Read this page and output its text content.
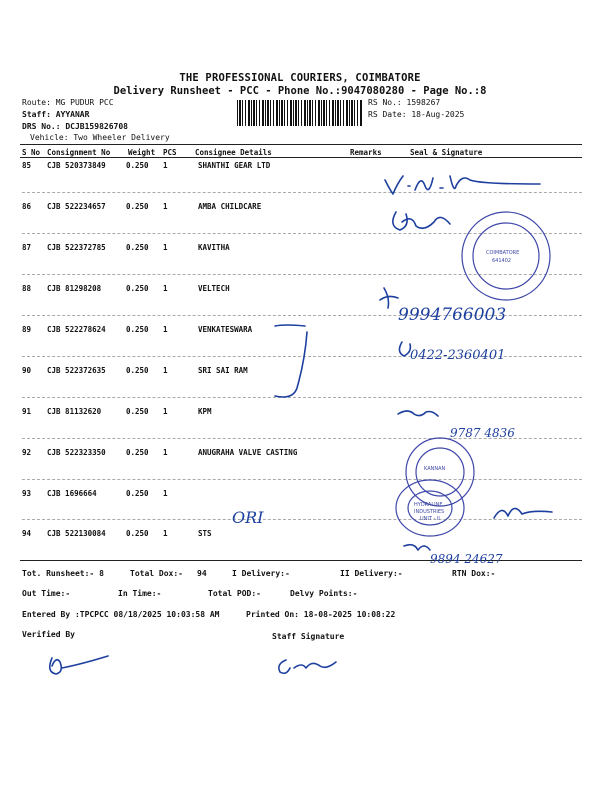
THE PROFESSIONAL COURIERS, COIMBATORE
Delivery Runsheet - PCC - Phone No.:9047080280 - Page No.:8
Route: MG PUDUR PCC
Staff: AYYANAR
DRS No.: DCJB159826708
Vehicle: Two Wheeler Delivery
RS No.: 1598267
RS Date: 18-Aug-2025
S No Consignment No Weight PCS Consignee Details	Remarks	Seal & Signature
85 CJB 520373849	0.250 1	SHANTHI GEAR LTD
86 CJB 522234657	0.250 1	AMBA CHILDCARE
87 CJB 522372785	0.250 1	KAVITHA
88 CJB 81298208	0.250 1	VELTECH
89 CJB 522278624	0.250 1	VENKATESWARA
90 CJB 522372635	0.250 1	SRI SAI RAM
91 CJB 81132620	0.250 1	KPM
92 CJB 522323350	0.250 1	ANUGRAHA VALVE CASTING
93 CJB 1696664	0.250 1
94 CJB 522130084	0.250 1	STS
COIMBATORE
641402
KANNAN
HYDRALINE
INDUSTRIES
UNIT - II
9994766003
0422-2360401
9787 4836
ORI
9894 24627
Tot. Runsheet:- 8	Total Dox:- 94	I Delivery:-	II Delivery:-	RTN Dox:-
Out Time:-	In Time:-	Total POD:-	Delvy Points:-
Entered By :TPCPCC 08/18/2025 10:03:58 AM	Printed On: 18-08-2025 10:08:22
Verified By	Staff Signature
